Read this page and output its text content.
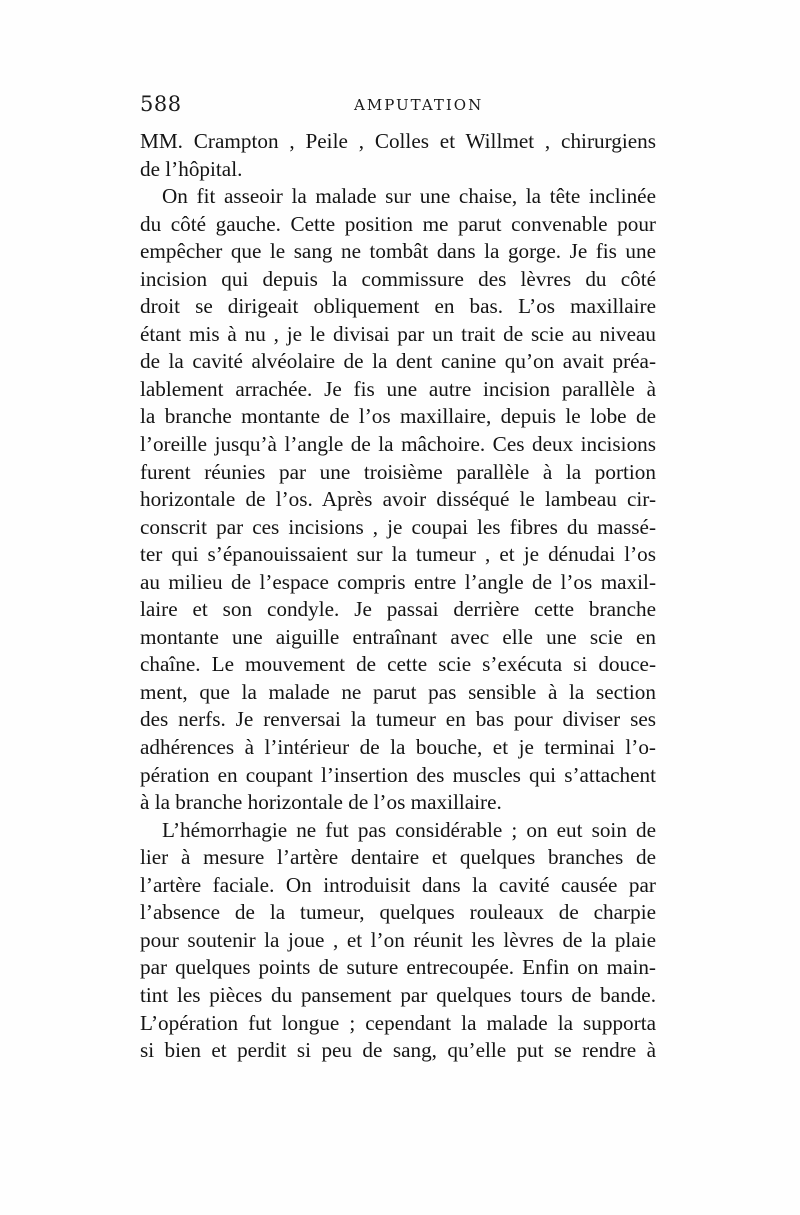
588	AMPUTATION
MM. Crampton , Peile , Colles et Willmet , chirurgiens
de l’hôpital.
On fit asseoir la malade sur une chaise, la tête inclinée
du côté gauche. Cette position me parut convenable pour
empêcher que le sang ne tombât dans la gorge. Je fis une
incision qui depuis la commissure des lèvres du côté
droit se dirigeait obliquement en bas. L’os maxillaire
étant mis à nu , je le divisai par un trait de scie au niveau
de la cavité alvéolaire de la dent canine qu’on avait préa-
lablement arrachée. Je fis une autre incision parallèle à
la branche montante de l’os maxillaire, depuis le lobe de
l’oreille jusqu’à l’angle de la mâchoire. Ces deux incisions
furent réunies par une troisième parallèle à la portion
horizontale de l’os. Après avoir disséqué le lambeau cir-
conscrit par ces incisions , je coupai les fibres du massé-
ter qui s’épanouissaient sur la tumeur , et je dénudai l’os
au milieu de l’espace compris entre l’angle de l’os maxil-
laire et son condyle. Je passai derrière cette branche
montante une aiguille entraînant avec elle une scie en
chaîne. Le mouvement de cette scie s’exécuta si douce-
ment, que la malade ne parut pas sensible à la section
des nerfs. Je renversai la tumeur en bas pour diviser ses
adhérences à l’intérieur de la bouche, et je terminai l’o-
pération en coupant l’insertion des muscles qui s’attachent
à la branche horizontale de l’os maxillaire.
L’hémorrhagie ne fut pas considérable ; on eut soin de
lier à mesure l’artère dentaire et quelques branches de
l’artère faciale. On introduisit dans la cavité causée par
l’absence de la tumeur, quelques rouleaux de charpie
pour soutenir la joue , et l’on réunit les lèvres de la plaie
par quelques points de suture entrecoupée. Enfin on main-
tint les pièces du pansement par quelques tours de bande.
L’opération fut longue ; cependant la malade la supporta
si bien et perdit si peu de sang, qu’elle put se rendre à
